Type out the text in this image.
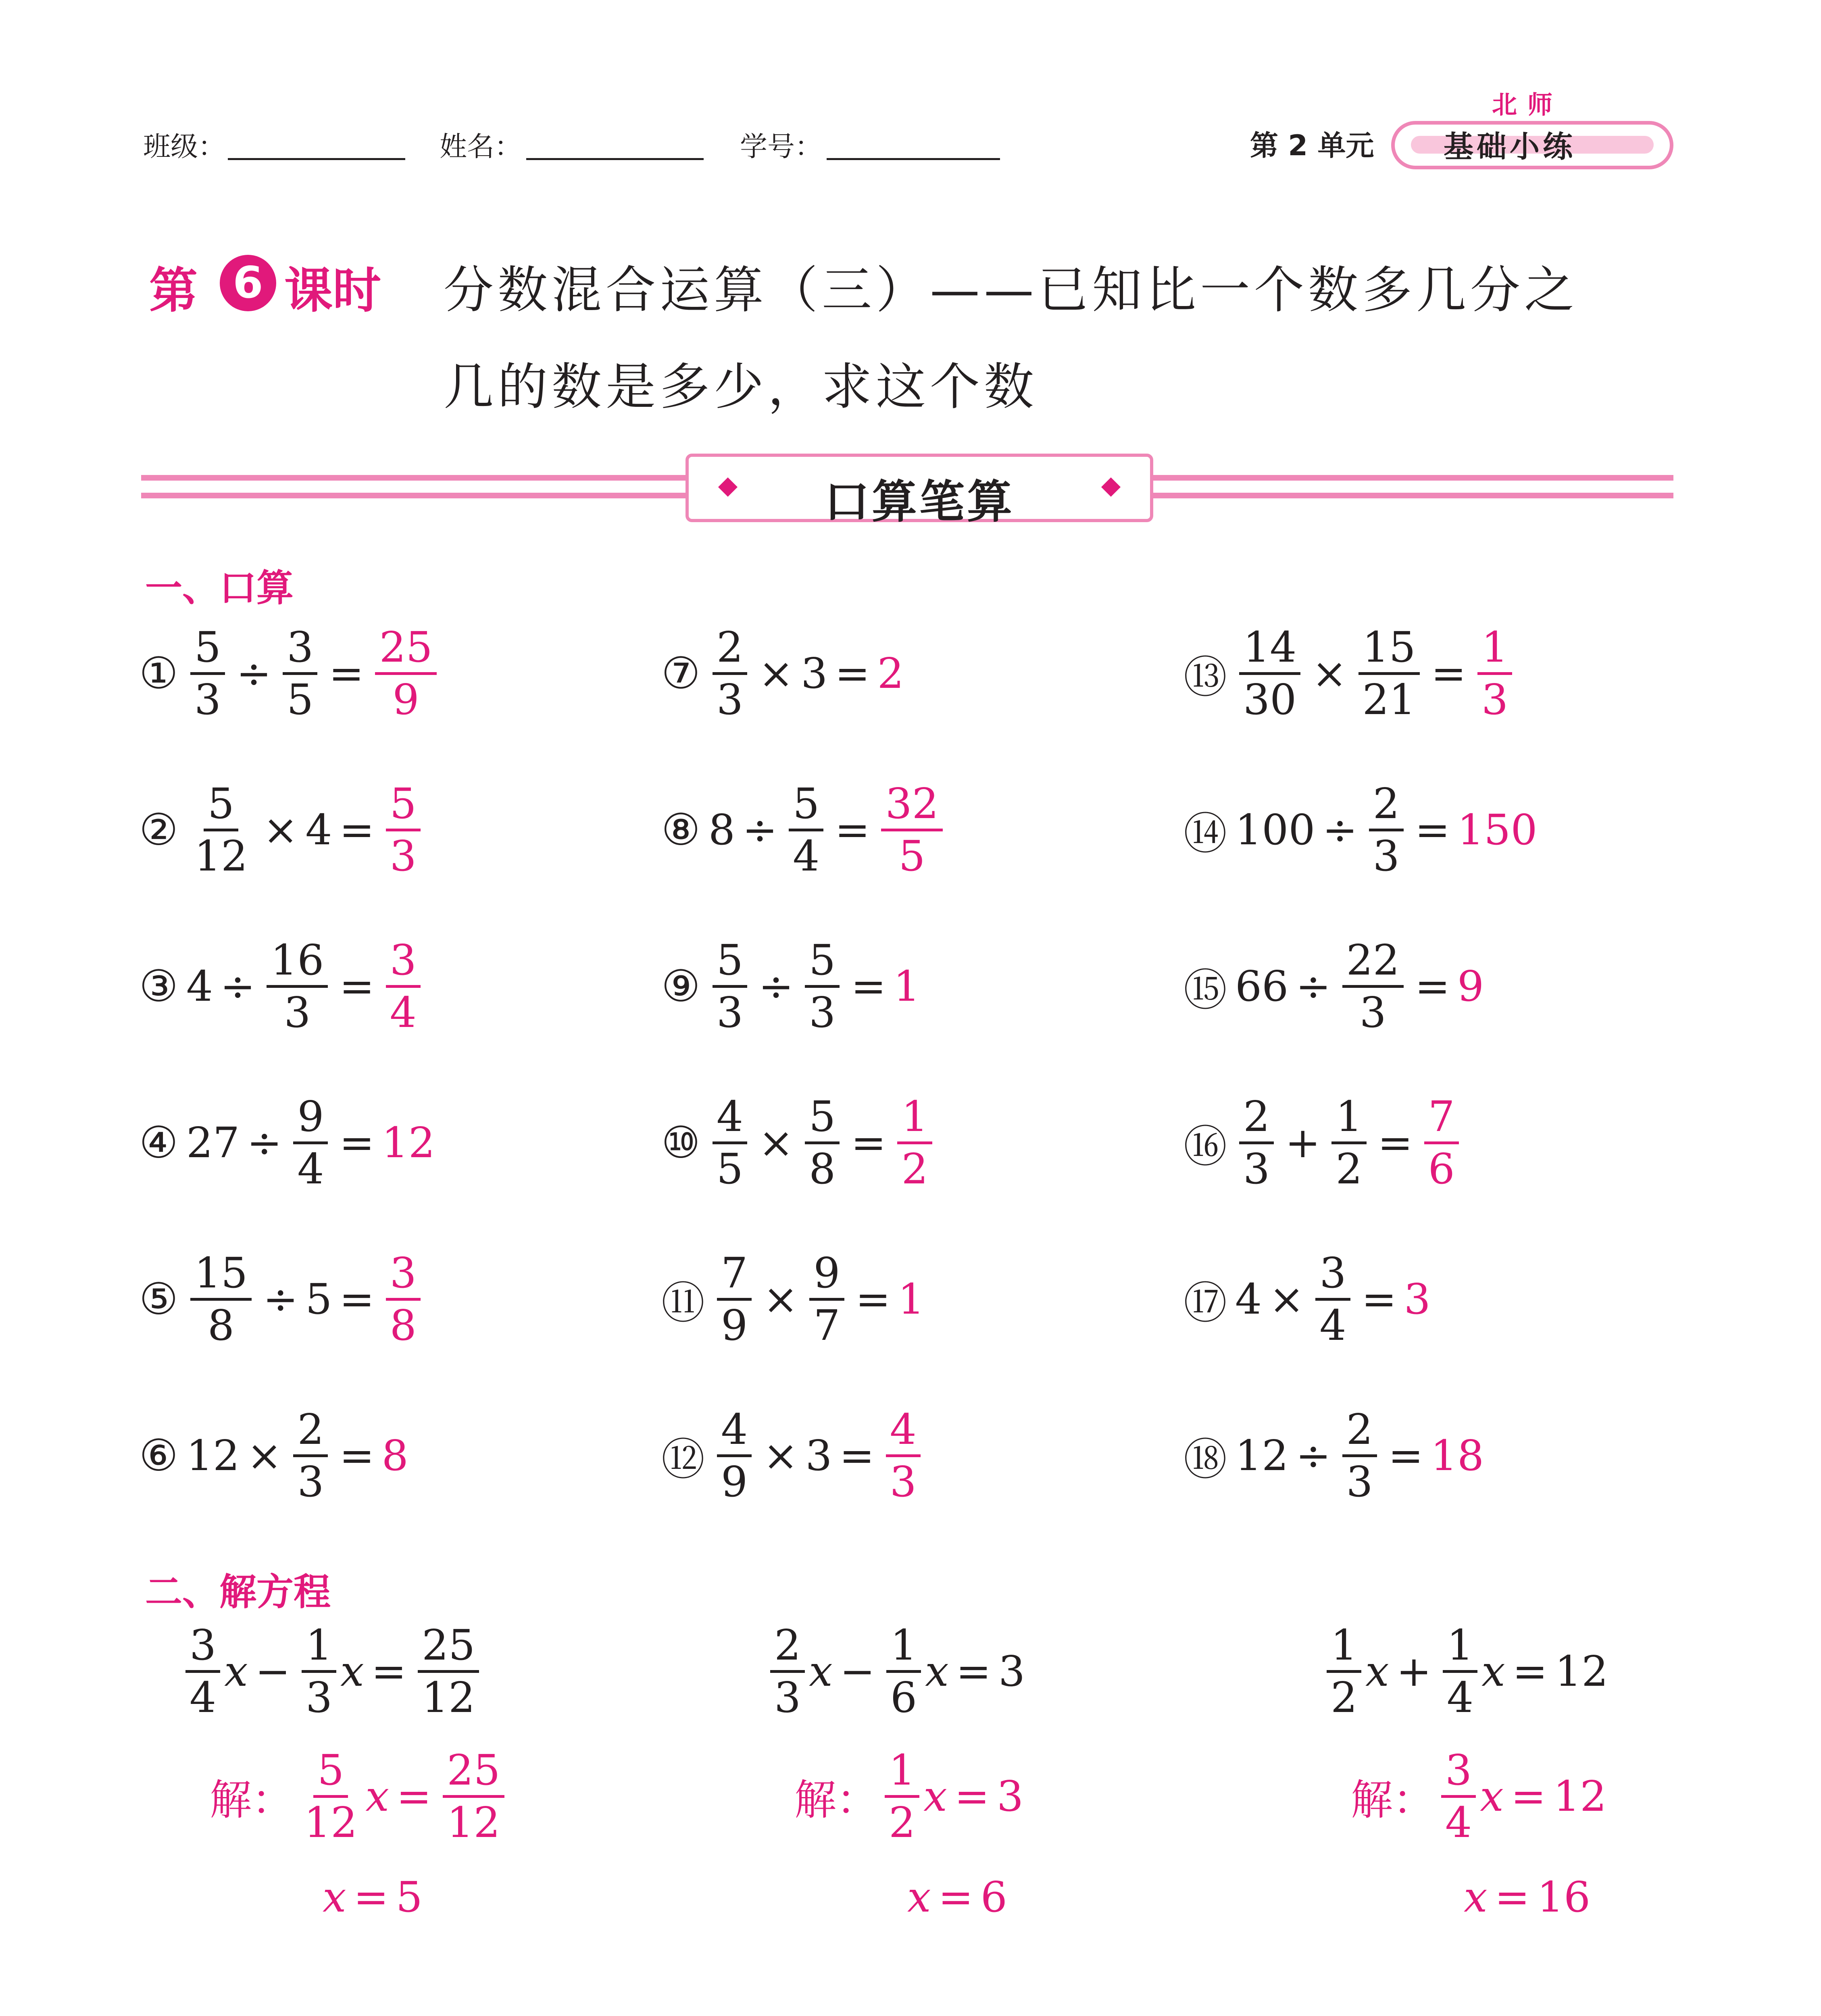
班级：	姓名：	学号：	第 2 单元
北师
基础小练
第 6 课时 分数混合运算（三）——已知比一个数多几分之
几的数是多少，求这个数
口算笔算
一、口算
① $\frac{5}{3} \div \frac{3}{5} = \frac{25}{9}$
② $\frac{5}{12} \times 4 = \frac{5}{3}$
③ $4 \div \frac{16}{3} = \frac{3}{4}$
④ $27 \div \frac{9}{4} = 12$
⑤ $\frac{15}{8} \div 5 = \frac{3}{8}$
⑥ $12 \times \frac{2}{3} = 8$
⑦ $\frac{2}{3} \times 3 = 2$
⑧ $8 \div \frac{5}{4} = \frac{32}{5}$
⑨ $\frac{5}{3} \div \frac{5}{3} = 1$
⑩ $\frac{4}{5} \times \frac{5}{8} = \frac{1}{2}$
⑪ $\frac{7}{9} \times \frac{9}{7} = 1$
⑫ $\frac{4}{9} \times 3 = \frac{4}{3}$
⑬ $\frac{14}{30} \times \frac{15}{21} = \frac{1}{3}$
⑭ $100 \div \frac{2}{3} = 150$
⑮ $66 \div \frac{22}{3} = 9$
⑯ $\frac{2}{3} + \frac{1}{2} = \frac{7}{6}$
⑰ $4 \times \frac{3}{4} = 3$
⑱ $12 \div \frac{2}{3} = 18$
二、解方程
$\frac{3}{4}$ $x - \frac{1}{3}$ $x = \frac{25}{12}$
解： $\frac{5}{12}$ $x = \frac{25}{12}$
x = 5
$\frac{2}{3}$ $x - \frac{1}{6}$ x = 3
解： $\frac{1}{2}$ x = 3
x = 6
$\frac{1}{2}$ $x + \frac{1}{4}$ x = 12
解： $\frac{3}{4}$ x = 12
x = 16
